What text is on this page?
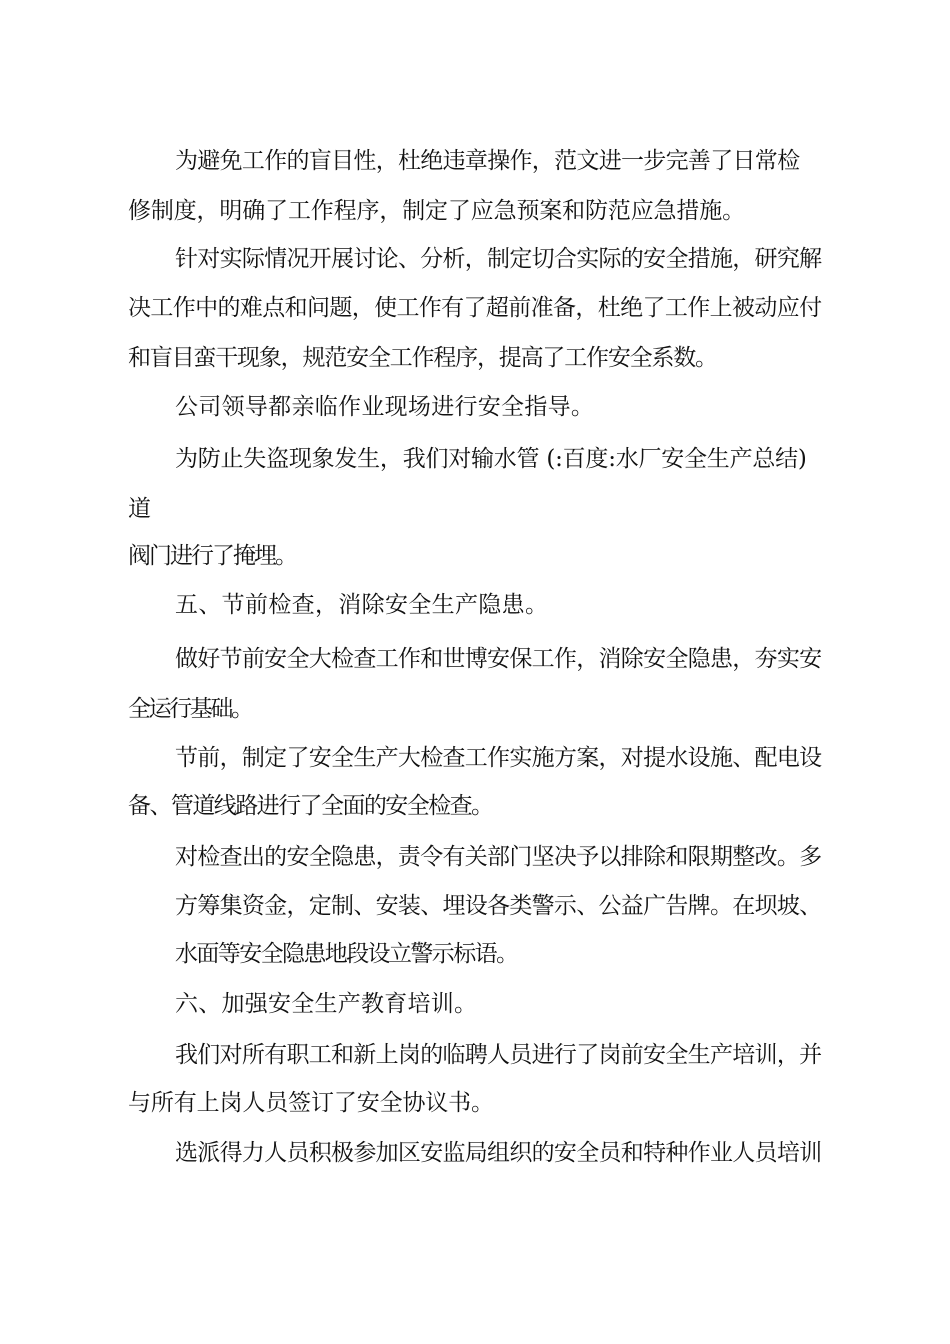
为避免工作的盲目性，杜绝违章操作，范文进一步完善了日常检

修制度，明确了工作程序，制定了应急预案和防范应急措施。

针对实际情况开展讨论、分析，制定切合实际的安全措施，研究解

决工作中的难点和问题，使工作有了超前准备，杜绝了工作上被动应付

和盲目蛮干现象，规范安全工作程序，提高了工作安全系数。

公司领导都亲临作业现场进行安全指导。

为防止失盗现象发生，我们对输水管 (:百度:水厂安全生产总结)

道

阀门进行了掩埋。

五、节前检查，消除安全生产隐患。

做好节前安全大检查工作和世博安保工作，消除安全隐患，夯实安

全运行基础。

节前，制定了安全生产大检查工作实施方案，对提水设施、配电设

备、管道线路进行了全面的安全检查。

对检查出的安全隐患，责令有关部门坚决予以排除和限期整改。多

方筹集资金，定制、安装、埋设各类警示、公益广告牌。在坝坡、

水面等安全隐患地段设立警示标语。

六、加强安全生产教育培训。

我们对所有职工和新上岗的临聘人员进行了岗前安全生产培训，并

与所有上岗人员签订了安全协议书。

选派得力人员积极参加区安监局组织的安全员和特种作业人员培训
